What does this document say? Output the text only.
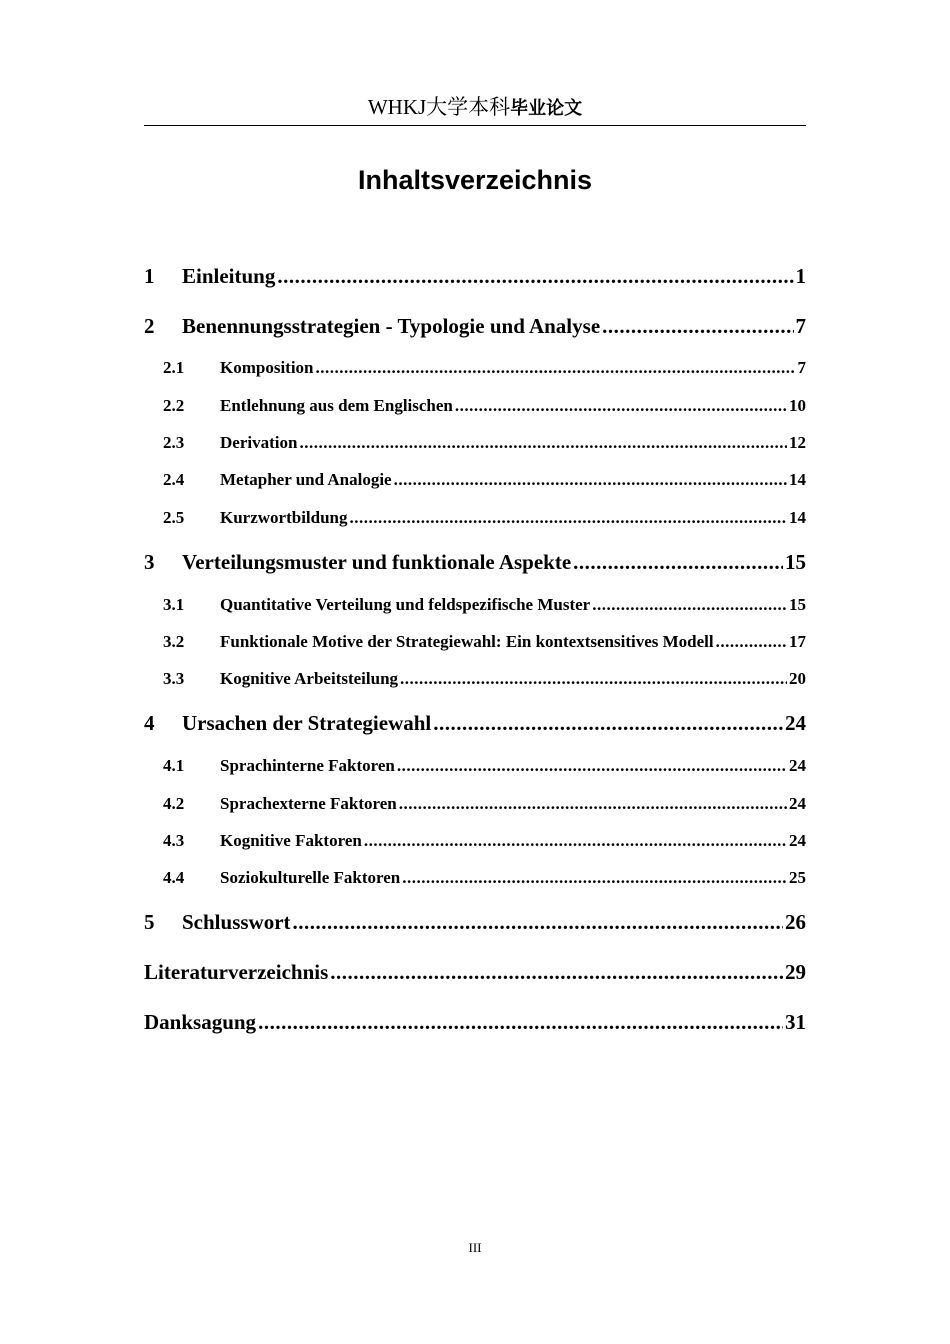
WHKJ大学本科毕业论文
Inhaltsverzeichnis
1	Einleitung .....	1
2	Benennungsstrategien - Typologie und Analyse .....	7
2.1	Komposition .....	7
2.2	Entlehnung aus dem Englischen .....	10
2.3	Derivation .....	12
2.4	Metapher und Analogie .....	14
2.5	Kurzwortbildung .....	14
3	Verteilungsmuster und funktionale Aspekte .....	15
3.1	Quantitative Verteilung und feldspezifische Muster .....	15
3.2	Funktionale Motive der Strategiewahl: Ein kontextsensitives Modell .....	17
3.3	Kognitive Arbeitsteilung .....	20
4	Ursachen der Strategiewahl .....	24
4.1	Sprachinterne Faktoren .....	24
4.2	Sprachexterne Faktoren .....	24
4.3	Kognitive Faktoren .....	24
4.4	Soziokulturelle Faktoren .....	25
5	Schlusswort .....	26
Literaturverzeichnis .....	29
Danksagung .....	31
III
